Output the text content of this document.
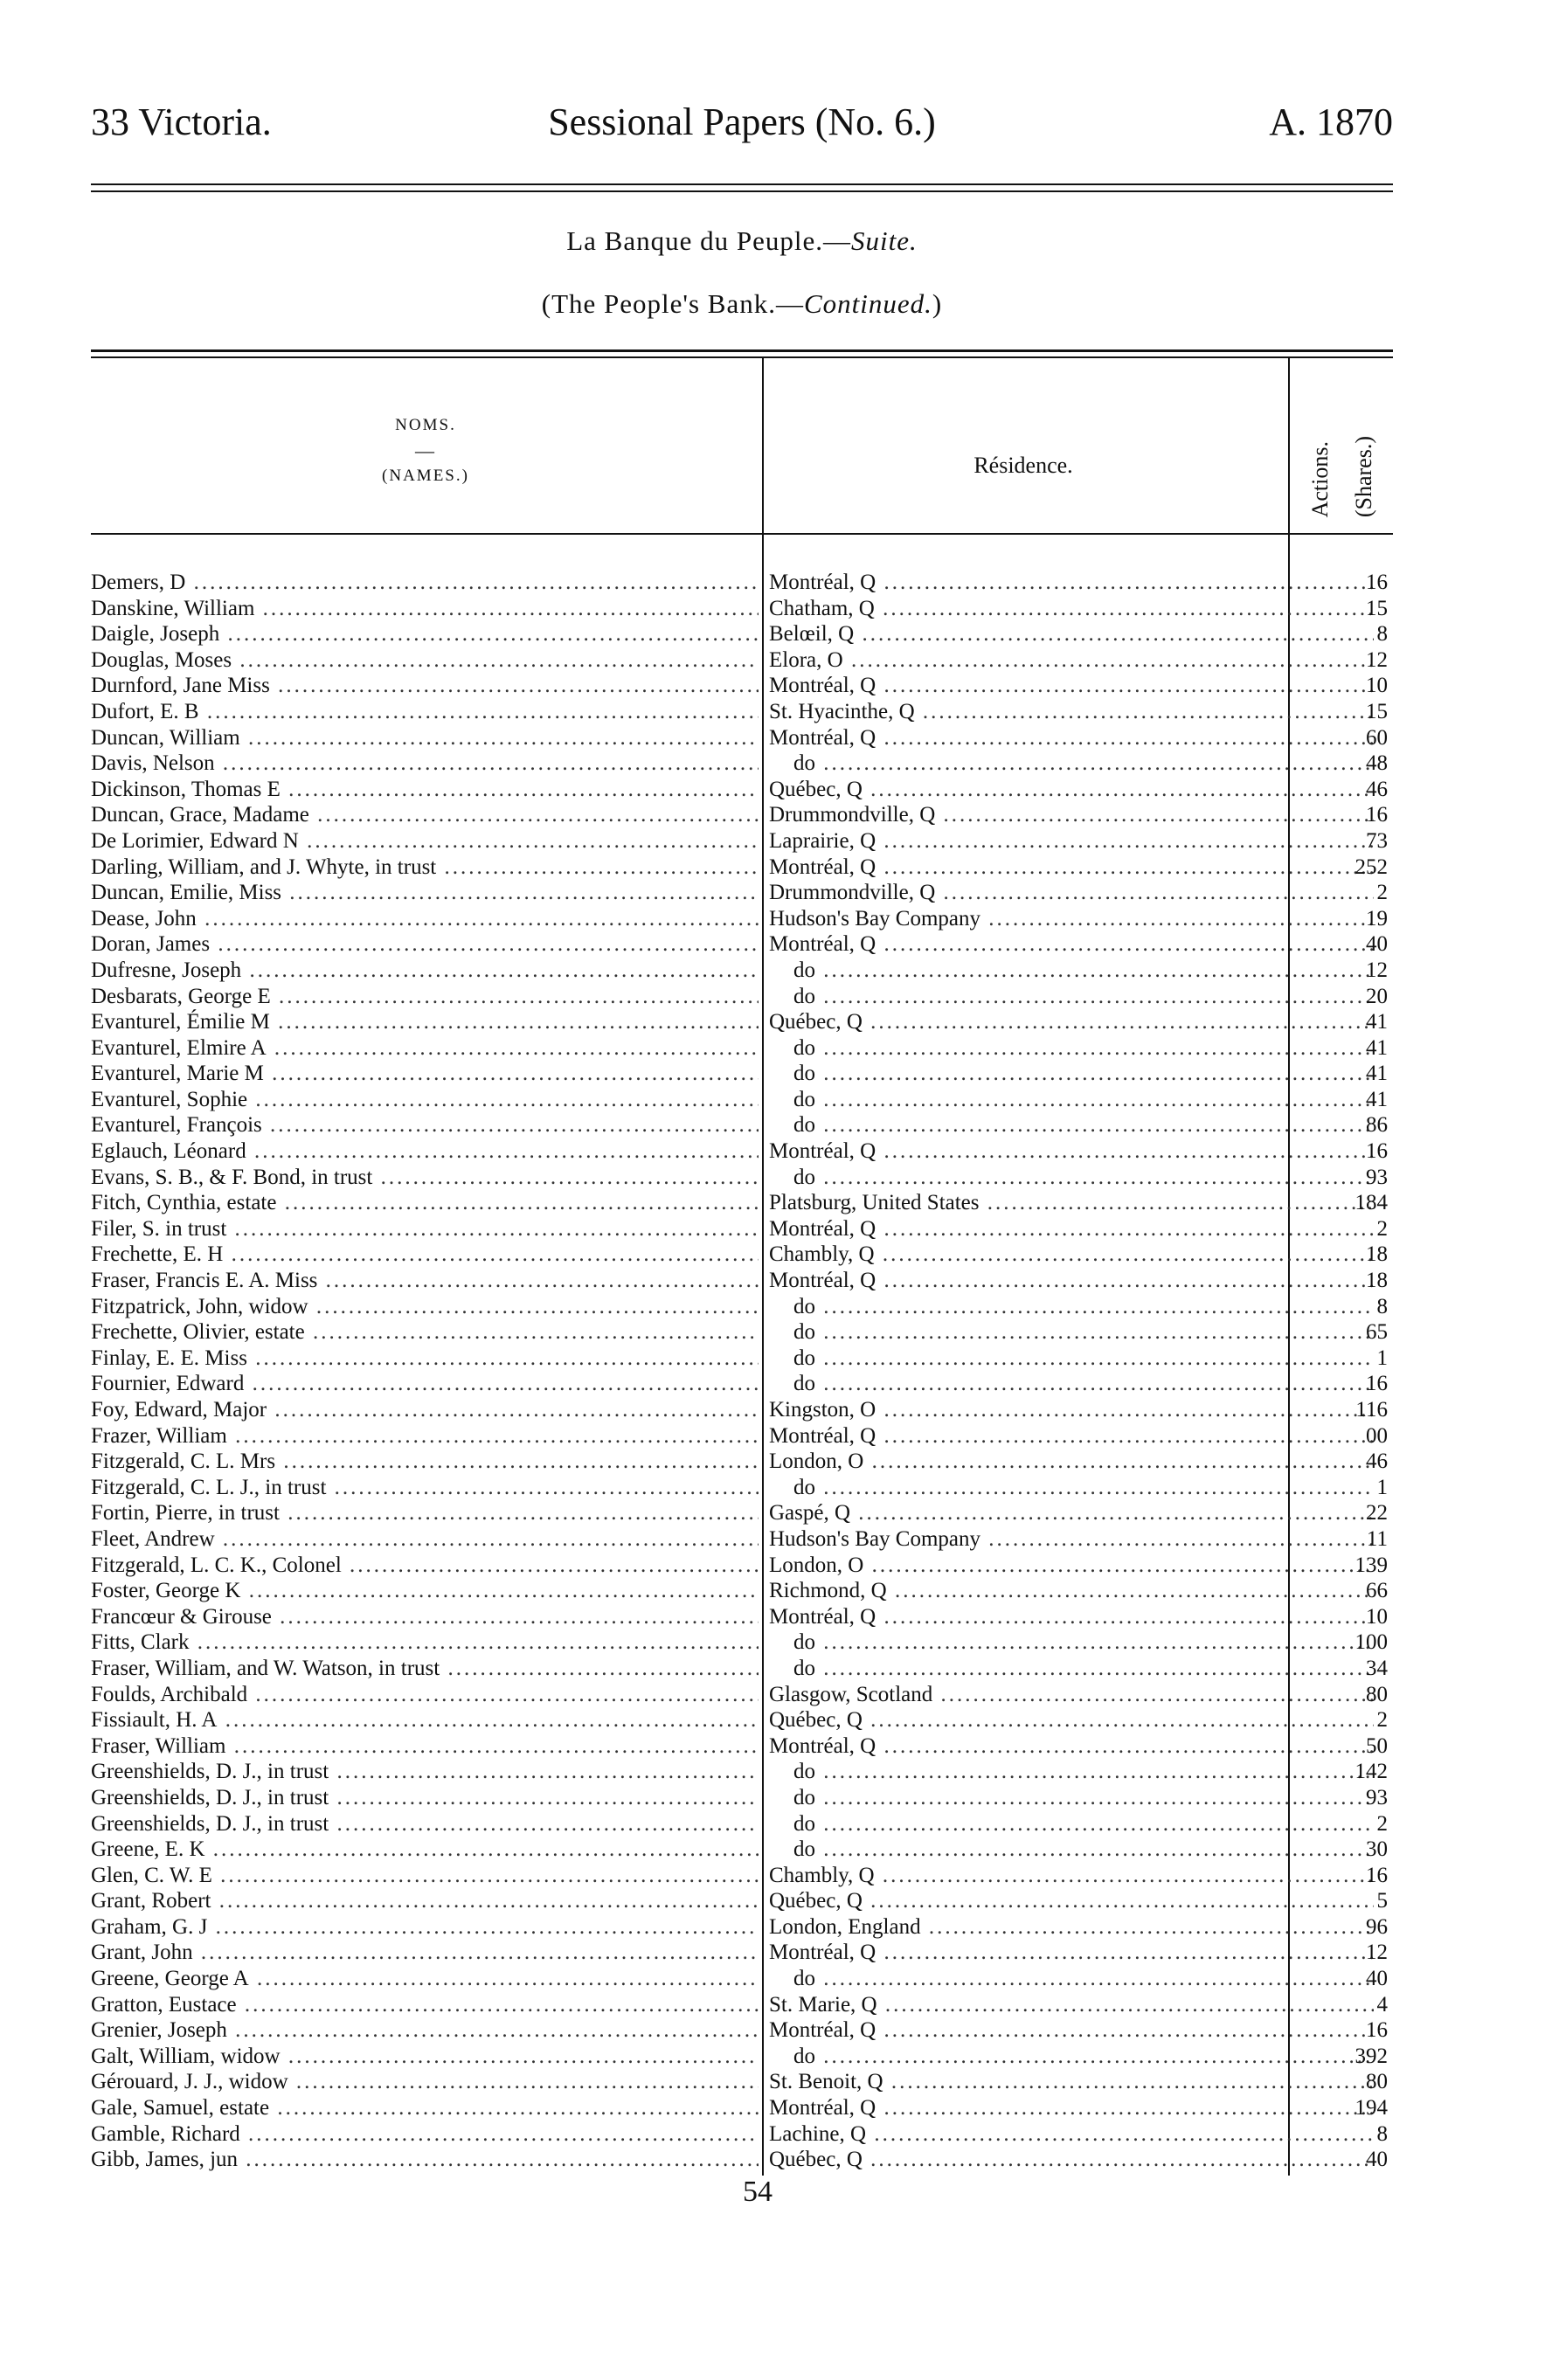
33 Victoria.	Sessional Papers (No. 6.)	A. 1870
La Banque du Peuple.—Suite.
(The People's Bank.—Continued.)
NOMS.
—
(NAMES.)	Résidence.	Actions. (Shares.)
Demers, D .....	Montréal, Q .....	16
Danskine, William .....	Chatham, Q .....	15
Daigle, Joseph .....	Belœil, Q .....	8
Douglas, Moses .....	Elora, O .....	12
Durnford, Jane Miss .....	Montréal, Q .....	10
Dufort, E. B .....	St. Hyacinthe, Q .....	15
Duncan, William .....	Montréal, Q .....	60
Davis, Nelson .....	do .....	48
Dickinson, Thomas E .....	Québec, Q .....	46
Duncan, Grace, Madame .....	Drummondville, Q .....	16
De Lorimier, Edward N .....	Laprairie, Q .....	73
Darling, William, and J. Whyte, in trust .....	Montréal, Q .....	252
Duncan, Emilie, Miss .....	Drummondville, Q .....	2
Dease, John .....	Hudson's Bay Company .....	19
Doran, James .....	Montréal, Q .....	40
Dufresne, Joseph .....	do .....	12
Desbarats, George E .....	do .....	20
Evanturel, Émilie M .....	Québec, Q .....	41
Evanturel, Elmire A .....	do .....	41
Evanturel, Marie M .....	do .....	41
Evanturel, Sophie .....	do .....	41
Evanturel, François .....	do .....	86
Eglauch, Léonard .....	Montréal, Q .....	16
Evans, S. B., & F. Bond, in trust .....	do .....	93
Fitch, Cynthia, estate .....	Platsburg, United States .....	184
Filer, S. in trust .....	Montréal, Q .....	2
Frechette, E. H .....	Chambly, Q .....	18
Fraser, Francis E. A. Miss .....	Montréal, Q .....	18
Fitzpatrick, John, widow .....	do .....	8
Frechette, Olivier, estate .....	do .....	65
Finlay, E. E. Miss .....	do .....	1
Fournier, Edward .....	do .....	16
Foy, Edward, Major .....	Kingston, O .....	116
Frazer, William .....	Montréal, Q .....	00
Fitzgerald, C. L. Mrs .....	London, O .....	46
Fitzgerald, C. L. J., in trust .....	do .....	1
Fortin, Pierre, in trust .....	Gaspé, Q .....	22
Fleet, Andrew .....	Hudson's Bay Company .....	11
Fitzgerald, L. C. K., Colonel .....	London, O .....	139
Foster, George K .....	Richmond, Q .....	66
Francœur & Girouse .....	Montréal, Q .....	10
Fitts, Clark .....	do .....	100
Fraser, William, and W. Watson, in trust .....	do .....	34
Foulds, Archibald .....	Glasgow, Scotland .....	80
Fissiault, H. A .....	Québec, Q .....	2
Fraser, William .....	Montréal, Q .....	50
Greenshields, D. J., in trust .....	do .....	142
Greenshields, D. J., in trust .....	do .....	93
Greenshields, D. J., in trust .....	do .....	2
Greene, E. K .....	do .....	30
Glen, C. W. E .....	Chambly, Q .....	16
Grant, Robert .....	Québec, Q .....	5
Graham, G. J .....	London, England .....	96
Grant, John .....	Montréal, Q .....	12
Greene, George A .....	do .....	40
Gratton, Eustace .....	St. Marie, Q .....	4
Grenier, Joseph .....	Montréal, Q .....	16
Galt, William, widow .....	do .....	392
Gérouard, J. J., widow .....	St. Benoit, Q .....	80
Gale, Samuel, estate .....	Montréal, Q .....	194
Gamble, Richard .....	Lachine, Q .....	8
Gibb, James, jun .....	Québec, Q .....	40
54
